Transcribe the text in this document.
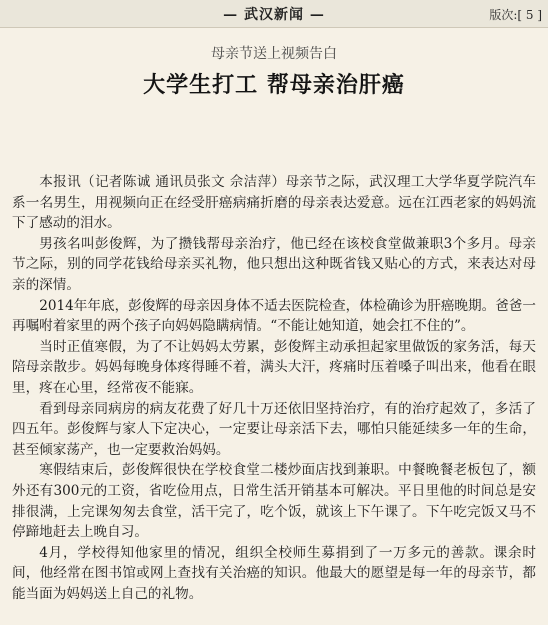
— 武汉新闻 —	版次:[ 5 ]
母亲节送上视频告白
大学生打工 帮母亲治肝癌

本报讯（记者陈诚 通讯员张文 佘洁萍）母亲节之际，武汉理工大学华夏学院汽车系一名男生，用视频向正在经受肝癌病痛折磨的母亲表达爱意。远在江西老家的妈妈流下了感动的泪水。

男孩名叫彭俊辉，为了攒钱帮母亲治疗，他已经在该校食堂做兼职3个多月。母亲节之际，别的同学花钱给母亲买礼物，他只想出这种既省钱又贴心的方式，来表达对母亲的深情。

2014年年底，彭俊辉的母亲因身体不适去医院检查，体检确诊为肝癌晚期。爸爸一再嘱咐着家里的两个孩子向妈妈隐瞒病情。“不能让她知道，她会扛不住的”。

当时正值寒假，为了不让妈妈太劳累，彭俊辉主动承担起家里做饭的家务活，每天陪母亲散步。妈妈每晚身体疼得睡不着，满头大汗，疼痛时压着嗓子叫出来，他看在眼里，疼在心里，经常夜不能寐。

看到母亲同病房的病友花费了好几十万还依旧坚持治疗，有的治疗起效了，多活了四五年。彭俊辉与家人下定决心，一定要让母亲活下去，哪怕只能延续多一年的生命，甚至倾家荡产，也一定要救治妈妈。

寒假结束后，彭俊辉很快在学校食堂二楼炒面店找到兼职。中餐晚餐老板包了，额外还有300元的工资，省吃俭用点，日常生活开销基本可解决。平日里他的时间总是安排很满，上完课匆匆去食堂，活干完了，吃个饭，就该上下午课了。下午吃完饭又马不停蹄地赶去上晚自习。

4月，学校得知他家里的情况，组织全校师生募捐到了一万多元的善款。课余时间，他经常在图书馆或网上查找有关治癌的知识。他最大的愿望是每一年的母亲节，都能当面为妈妈送上自己的礼物。
